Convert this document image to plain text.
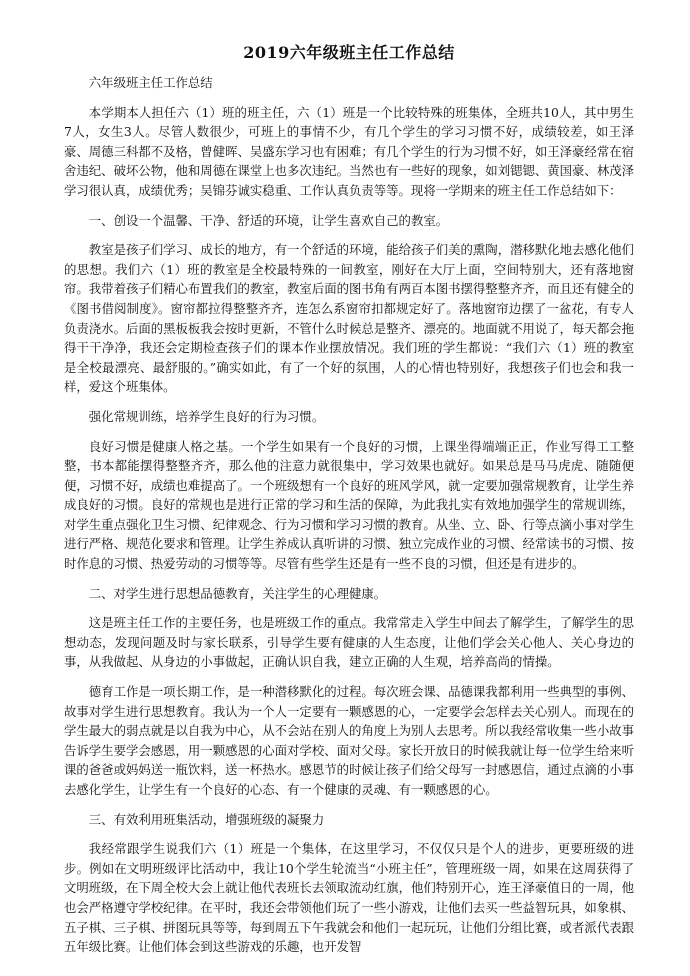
2019六年级班主任工作总结

六年级班主任工作总结

本学期本人担任六（1）班的班主任，六（1）班是一个比较特殊的班集体，全班共10人，其中男生7人，女生3人。尽管人数很少，可班上的事情不少，有几个学生的学习习惯不好，成绩较差，如王泽豪、周德三科都不及格，曾健晖、吴盛东学习也有困难；有几个学生的行为习惯不好，如王泽豪经常在宿舍违纪、破坏公物，他和周德在课堂上也多次违纪。当然也有一些好的现象，如刘锶锶、黄国豪、林茂泽学习很认真，成绩优秀；吴锦芬诚实稳重、工作认真负责等等。现将一学期来的班主任工作总结如下：

一、创设一个温馨、干净、舒适的环境，让学生喜欢自己的教室。

教室是孩子们学习、成长的地方，有一个舒适的环境，能给孩子们美的熏陶，潜移默化地去感化他们的思想。我们六（1）班的教室是全校最特殊的一间教室，刚好在大厅上面，空间特别大，还有落地窗帘。我带着孩子们精心布置我们的教室，教室后面的图书角有两百本图书摆得整整齐齐，而且还有健全的《图书借阅制度》。窗帘都拉得整整齐齐，连怎么系窗帘扣都规定好了。落地窗帘边摆了一盆花，有专人负责浇水。后面的黑板板我会按时更新，不管什么时候总是整齐、漂亮的。地面就不用说了，每天都会拖得干干净净，我还会定期检查孩子们的课本作业摆放情况。我们班的学生都说：“我们六（1）班的教室是全校最漂亮、最舒服的。”确实如此，有了一个好的氛围，人的心情也特别好，我想孩子们也会和我一样，爱这个班集体。

强化常规训练，培养学生良好的行为习惯。

良好习惯是健康人格之基。一个学生如果有一个良好的习惯，上课坐得端端正正，作业写得工工整整，书本都能摆得整整齐齐，那么他的注意力就很集中，学习效果也就好。如果总是马马虎虎、随随便便，习惯不好，成绩也难提高了。一个班级想有一个良好的班风学风，就一定要加强常规教育，让学生养成良好的习惯。良好的常规也是进行正常的学习和生活的保障，为此我扎实有效地加强学生的常规训练，对学生重点强化卫生习惯、纪律观念、行为习惯和学习习惯的教育。从坐、立、卧、行等点滴小事对学生进行严格、规范化要求和管理。让学生养成认真听讲的习惯、独立完成作业的习惯、经常读书的习惯、按时作息的习惯、热爱劳动的习惯等等。尽管有些学生还是有一些不良的习惯，但还是有进步的。

二、对学生进行思想品德教育，关注学生的心理健康。

这是班主任工作的主要任务，也是班级工作的重点。我常常走入学生中间去了解学生，了解学生的思想动态，发现问题及时与家长联系，引导学生要有健康的人生态度，让他们学会关心他人、关心身边的事，从我做起、从身边的小事做起，正确认识自我，建立正确的人生观，培养高尚的情操。

德育工作是一项长期工作，是一种潜移默化的过程。每次班会课、品德课我都利用一些典型的事例、故事对学生进行思想教育。我认为一个人一定要有一颗感恩的心，一定要学会怎样去关心别人。而现在的学生最大的弱点就是以自我为中心，从不会站在别人的角度上为别人去思考。所以我经常收集一些小故事告诉学生要学会感恩，用一颗感恩的心面对学校、面对父母。家长开放日的时候我就让每一位学生给来听课的爸爸或妈妈送一瓶饮料，送一杯热水。感恩节的时候让孩子们给父母写一封感恩信，通过点滴的小事去感化学生，让学生有一个良好的心态、有一个健康的灵魂、有一颗感恩的心。

三、有效利用班集活动，增强班级的凝聚力

我经常跟学生说我们六（1）班是一个集体，在这里学习，不仅仅只是个人的进步，更要班级的进步。例如在文明班级评比活动中，我让10个学生轮流当“小班主任”，管理班级一周，如果在这周获得了文明班级，在下周全校大会上就让他代表班长去领取流动红旗，他们特别开心，连王泽豪值日的一周，他也会严格遵守学校纪律。在平时，我还会带领他们玩了一些小游戏，让他们去买一些益智玩具，如象棋、五子棋、三子棋、拼图玩具等等，每到周五下午我就会和他们一起玩玩，让他们分组比赛，或者派代表跟五年级比赛。让他们体会到这些游戏的乐趣，也开发智
